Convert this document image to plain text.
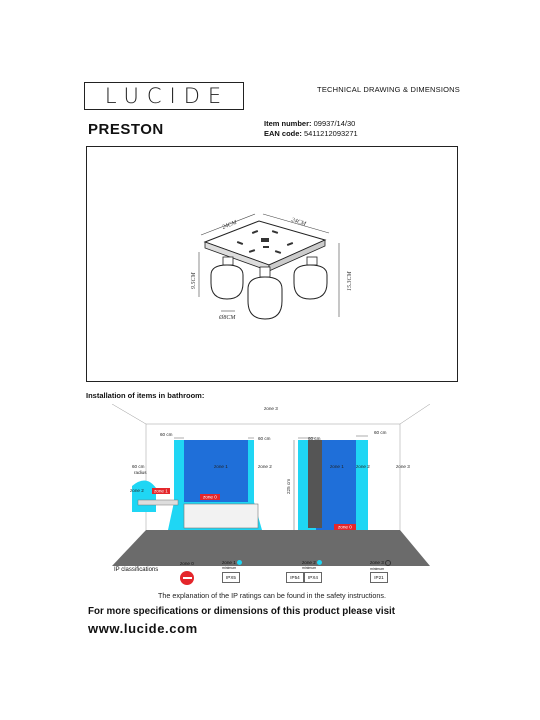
LUCIDE	TECHNICAL DRAWING & DIMENSIONS
PRESTON	Item number: 09937/14/30
EAN code: 5411212093271
24CM	24CM
9.5CM	15.3CM
Ø8CM
Installation of items in bathroom:
zone 3
60 cm
60 cm	60 cm
60 cm
zone 1	zone 2
60 cm
radius
zone 2 zone 1
zone 0
225 cm
zone 1	zone 2
zone 0
zone 3
IP classifications
zone 0	zone 1
minimum
IPX5
zone 2
minimum
IP54	IPX4
zone 3
minimum
IP21
The explanation of the IP ratings can be found in the safety instructions.
For more specifications or dimensions of this product please visit
www.lucide.com
